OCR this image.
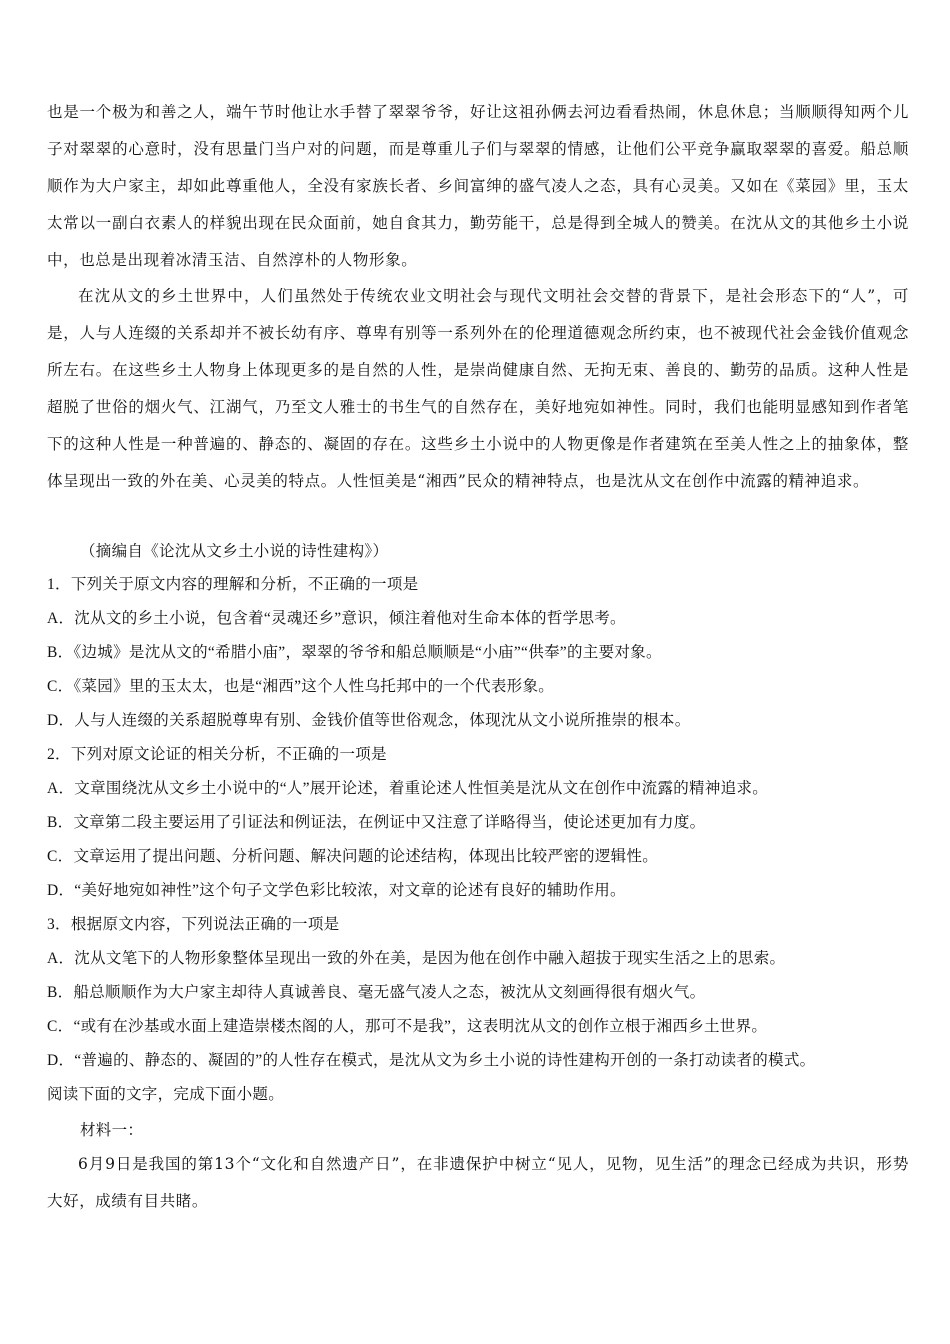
也是一个极为和善之人，端午节时他让水手替了翠翠爷爷，好让这祖孙俩去河边看看热闹，休息休息；当顺顺得知两个儿子对翠翠的心意时，没有思量门当户对的问题，而是尊重儿子们与翠翠的情感，让他们公平竞争赢取翠翠的喜爱。船总顺顺作为大户家主，却如此尊重他人，全没有家族长者、乡间富绅的盛气凌人之态，具有心灵美。又如在《菜园》里，玉太太常以一副白衣素人的样貌出现在民众面前，她自食其力，勤劳能干，总是得到全城人的赞美。在沈从文的其他乡土小说中，也总是出现着冰清玉洁、自然淳朴的人物形象。
在沈从文的乡土世界中，人们虽然处于传统农业文明社会与现代文明社会交替的背景下，是社会形态下的“人”，可是，人与人连缀的关系却并不被长幼有序、尊卑有别等一系列外在的伦理道德观念所约束，也不被现代社会金钱价值观念所左右。在这些乡土人物身上体现更多的是自然的人性，是崇尚健康自然、无拘无束、善良的、勤劳的品质。这种人性是超脱了世俗的烟火气、江湖气，乃至文人雅士的书生气的自然存在，美好地宛如神性。同时，我们也能明显感知到作者笔下的这种人性是一种普遍的、静态的、凝固的存在。这些乡土小说中的人物更像是作者建筑在至美人性之上的抽象体，整体呈现出一致的外在美、心灵美的特点。人性恒美是“湘西”民众的精神特点，也是沈从文在创作中流露的精神追求。
（摘编自《论沈从文乡土小说的诗性建构》）
1．下列关于原文内容的理解和分析，不正确的一项是
A．沈从文的乡土小说，包含着“灵魂还乡”意识，倾注着他对生命本体的哲学思考。
B．《边城》是沈从文的“希腊小庙”，翠翠的爷爷和船总顺顺是“小庙”“供奉”的主要对象。
C．《菜园》里的玉太太，也是“湘西”这个人性乌托邦中的一个代表形象。
D．人与人连缀的关系超脱尊卑有别、金钱价值等世俗观念，体现沈从文小说所推崇的根本。
2．下列对原文论证的相关分析，不正确的一项是
A．文章围绕沈从文乡土小说中的“人”展开论述，着重论述人性恒美是沈从文在创作中流露的精神追求。
B．文章第二段主要运用了引证法和例证法，在例证中又注意了详略得当，使论述更加有力度。
C．文章运用了提出问题、分析问题、解决问题的论述结构，体现出比较严密的逻辑性。
D．“美好地宛如神性”这个句子文学色彩比较浓，对文章的论述有良好的辅助作用。
3．根据原文内容，下列说法正确的一项是
A．沈从文笔下的人物形象整体呈现出一致的外在美，是因为他在创作中融入超拔于现实生活之上的思索。
B．船总顺顺作为大户家主却待人真诚善良、毫无盛气凌人之态，被沈从文刻画得很有烟火气。
C．“或有在沙基或水面上建造崇楼杰阁的人，那可不是我”，这表明沈从文的创作立根于湘西乡土世界。
D．“普遍的、静态的、凝固的”的人性存在模式，是沈从文为乡土小说的诗性建构开创的一条打动读者的模式。
阅读下面的文字，完成下面小题。
材料一：
6月9日是我国的第13个“文化和自然遗产日”，在非遗保护中树立“见人，见物，见生活”的理念已经成为共识，形势大好，成绩有目共睹。
